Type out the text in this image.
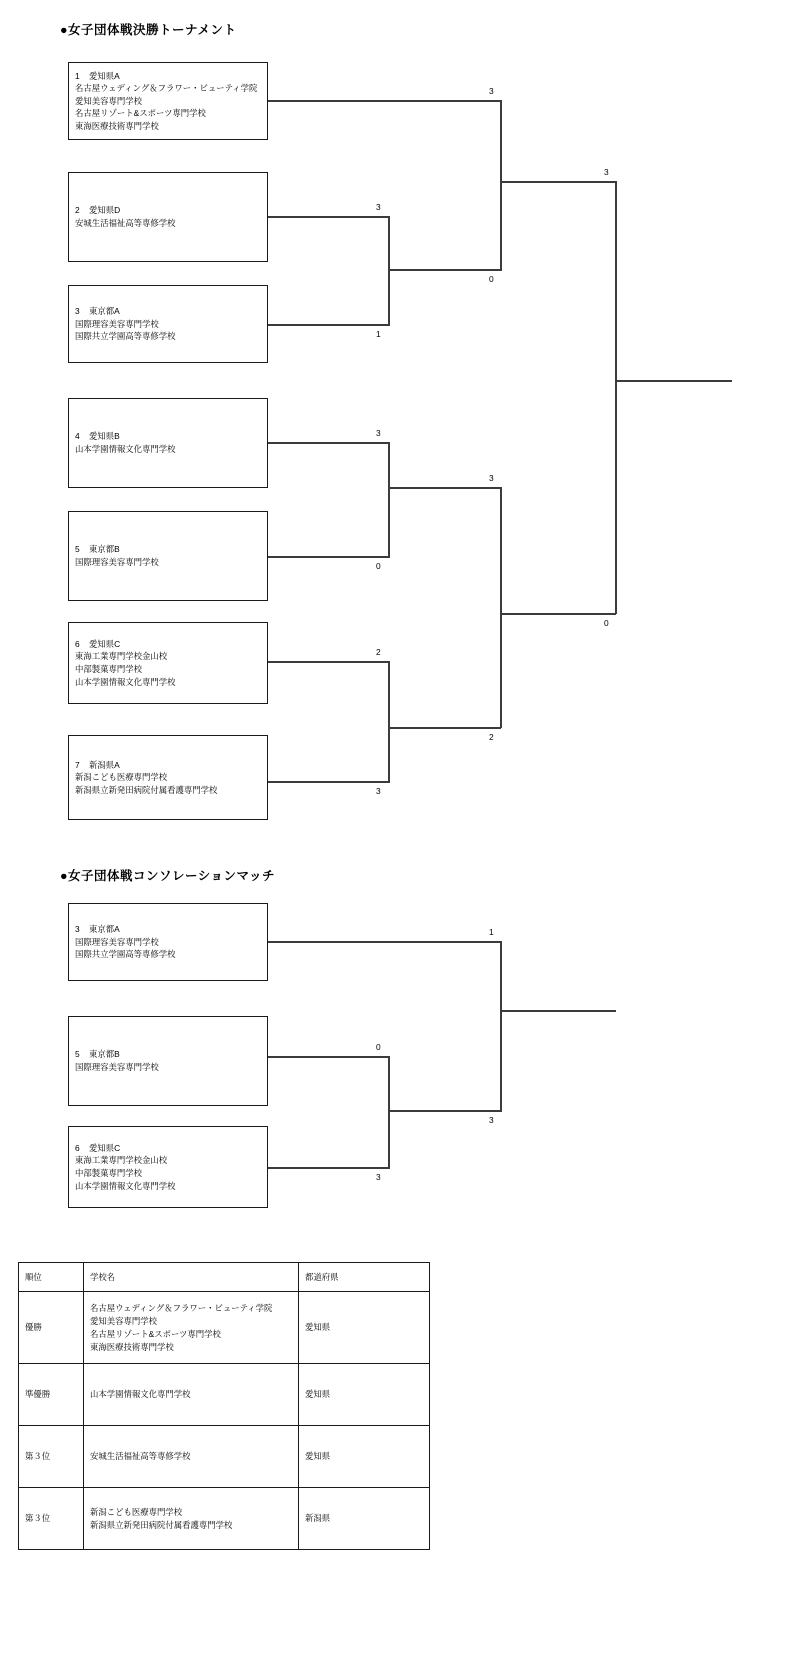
●女子団体戦決勝トーナメント
1 愛知県A
名古屋ウェディング＆フラワー・ビューティ学院
愛知美容専門学校
名古屋リゾート&スポーツ専門学校
東海医療技術専門学校
2 愛知県D
安城生活福祉高等専修学校
3 東京都A
国際理容美容専門学校
国際共立学園高等専修学校
4 愛知県B
山本学園情報文化専門学校
5 東京都B
国際理容美容専門学校
6 愛知県C
東海工業専門学校金山校
中部製菓専門学校
山本学園情報文化専門学校
7 新潟県A
新潟こども医療専門学校
新潟県立新発田病院付属看護専門学校
3
3
1
0
3
0
3
2
3
2
3
0
●女子団体戦コンソレーションマッチ
3 東京都A
国際理容美容専門学校
国際共立学園高等専修学校
5 東京都B
国際理容美容専門学校
6 愛知県C
東海工業専門学校金山校
中部製菓専門学校
山本学園情報文化専門学校
1
0
3
3
順位	学校名	都道府県
優勝	名古屋ウェディング＆フラワー・ビューティ学院
愛知美容専門学校
名古屋リゾート&スポーツ専門学校
東海医療技術専門学校	愛知県
準優勝	山本学園情報文化専門学校	愛知県
第３位	安城生活福祉高等専修学校	愛知県
第３位	新潟こども医療専門学校
新潟県立新発田病院付属看護専門学校	新潟県
